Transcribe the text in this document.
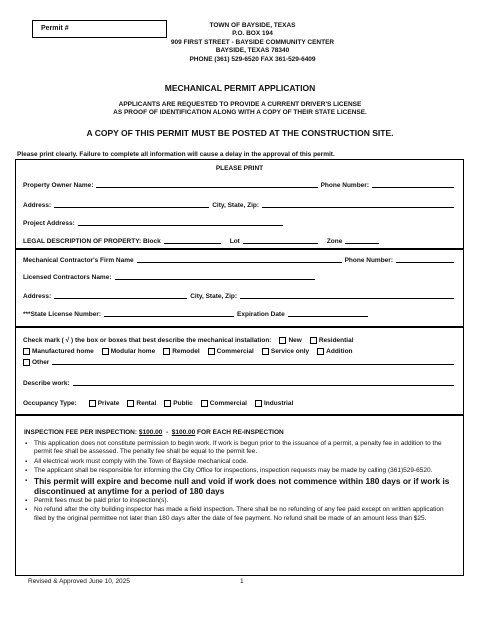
Permit #	TOWN OF BAYSIDE, TEXAS
P.O. BOX 194
909 FIRST STREET - BAYSIDE COMMUNITY CENTER
BAYSIDE, TEXAS 78340
PHONE (361) 529-6520 FAX 361-529-6409
MECHANICAL PERMIT APPLICATION
APPLICANTS ARE REQUESTED TO PROVIDE A CURRENT DRIVER'S LICENSE
AS PROOF OF IDENTIFICATION ALONG WITH A COPY OF THEIR STATE LICENSE.
A COPY OF THIS PERMIT MUST BE POSTED AT THE CONSTRUCTION SITE.
Please print clearly. Failure to complete all information will cause a delay in the approval of this permit.
PLEASE PRINT
Property Owner Name:	Phone Number:
Address:	City, State, Zip:
Project Address:
LEGAL DESCRIPTION OF PROPERTY: Block	Lot	Zone
Mechanical Contractor's Firm Name	Phone Number:
Licensed Contractors Name:
Address:	City, State, Zip:
***State License Number:	Expiration Date
Check mark ( √ ) the box or boxes that best describe the mechanical installation:	New	Residential
Manufactured home	Modular home	Remodel	Commercial	Service only	Addition
Other
Describe work:
Occupancy Type:	Private	Rental	Public	Commercial	Industrial
INSPECTION FEE PER INSPECTION: $100.00  -  $100.00 FOR EACH RE-INSPECTION
▪ This application does not constitute permission to begin work. If work is begun prior to the issuance of a permit, a penalty fee in addition to the permit fee shall be assessed. The penalty fee shall be equal to the permit fee.
▪ All electrical work must comply with the Town of Bayside mechanical code.
▪ The applicant shall be responsible for informing the City Office for inspections, inspection requests may be made by calling (361)529-6520.
▪ This permit will expire and become null and void if work does not commence within 180 days or if work is discontinued at anytime for a period of 180 days
▪ Permit fees must be paid prior to inspection(s).
▪ No refund after the city building inspector has made a field inspection. There shall be no refunding of any fee paid except on written application filed by the original permittee not later than 180 days after the date of fee payment. No refund shall be made of an amount less than $25.
Revised & Approved June 10, 2025	1
